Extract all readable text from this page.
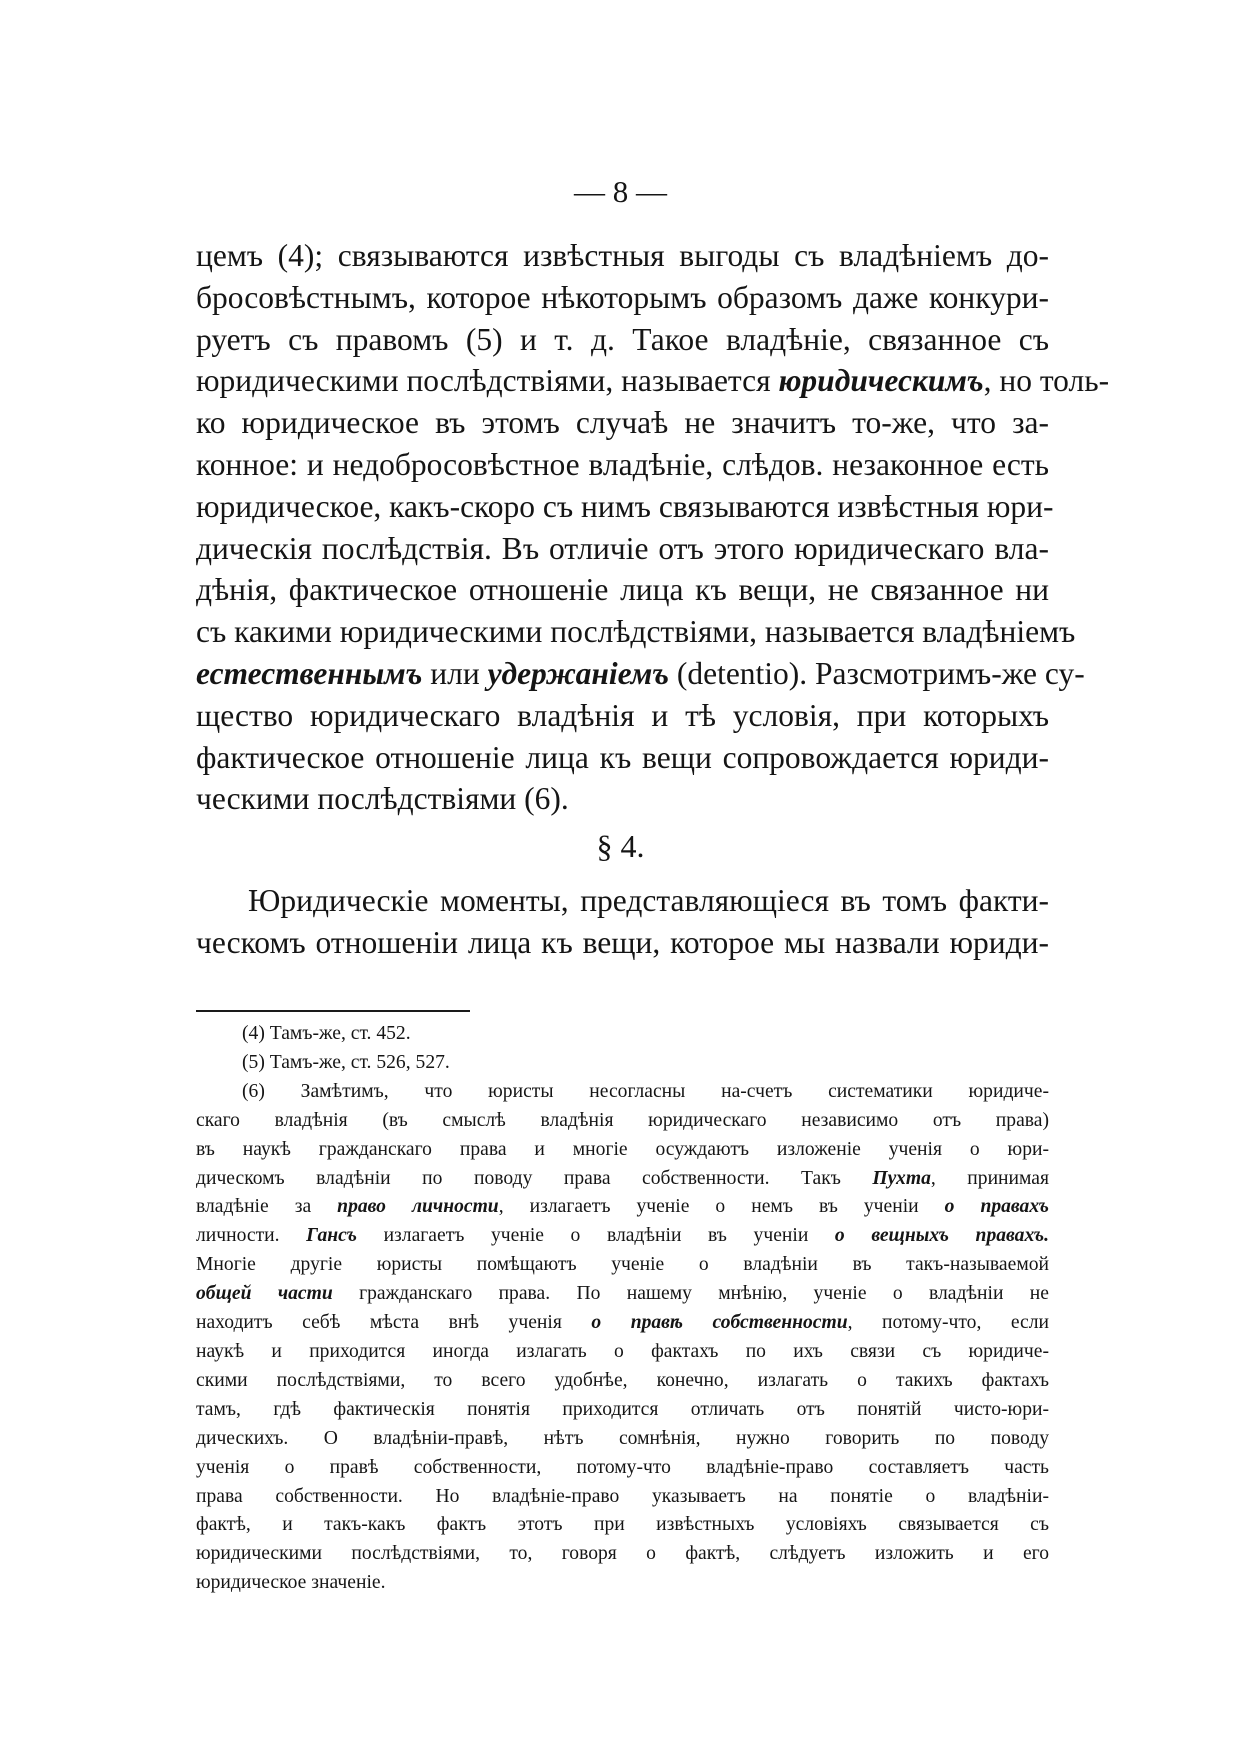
— 8 —
цемъ (4); связываются извѣстныя выгоды съ владѣніемъ до-
бросовѣстнымъ, которое нѣкоторымъ образомъ даже конкури-
руетъ съ правомъ (5) и т. д. Такое владѣніе, связанное съ
юридическими послѣдствіями, называется юридическимъ, но толь-
ко юридическое въ этомъ случаѣ не значитъ то-же, что за-
конное: и недобросовѣстное владѣніе, слѣдов. незаконное есть
юридическое, какъ-скоро съ нимъ связываются извѣстныя юри-
дическія послѣдствія. Въ отличіе отъ этого юридическаго вла-
дѣнія, фактическое отношеніе лица къ вещи, не связанное ни
съ какими юридическими послѣдствіями, называется владѣніемъ
естественнымъ или удержаніемъ (detentio). Разсмотримъ-же су-
щество юридическаго владѣнія и тѣ условія, при которыхъ
фактическое отношеніе лица къ вещи сопровождается юриди-
ческими послѣдствіями (6).
§ 4.
Юридическіе моменты, представляющіеся въ томъ факти-
ческомъ отношеніи лица къ вещи, которое мы назвали юриди-
(4) Тамъ-же, ст. 452.
(5) Тамъ-же, ст. 526, 527.
(6) Замѣтимъ, что юристы несогласны на-счетъ систематики юридиче-
скаго владѣнія (въ смыслѣ владѣнія юридическаго независимо отъ права)
въ наукѣ гражданскаго права и многіе осуждаютъ изложеніе ученія о юри-
дическомъ владѣніи по поводу права собственности. Такъ Пухта, принимая
владѣніе за право личности, излагаетъ ученіе о немъ въ ученіи о правахъ
личности. Гансъ излагаетъ ученіе о владѣніи въ ученіи о вещныхъ правахъ.
Многіе другіе юристы помѣщаютъ ученіе о владѣніи въ такъ-называемой
общей части гражданскаго права. По нашему мнѣнію, ученіе о владѣніи не
находитъ себѣ мѣста внѣ ученія о правѣ собственности, потому-что, если
наукѣ и приходится иногда излагать о фактахъ по ихъ связи съ юридиче-
скими послѣдствіями, то всего удобнѣе, конечно, излагать о такихъ фактахъ
тамъ, гдѣ фактическія понятія приходится отличать отъ понятій чисто-юри-
дическихъ. О владѣніи-правѣ, нѣтъ сомнѣнія, нужно говорить по поводу
ученія о правѣ собственности, потому-что владѣніе-право составляетъ часть
права собственности. Но владѣніе-право указываетъ на понятіе о владѣніи-
фактѣ, и такъ-какъ фактъ этотъ при извѣстныхъ условіяхъ связывается съ
юридическими послѣдствіями, то, говоря о фактѣ, слѣдуетъ изложить и его
юридическое значеніе.
